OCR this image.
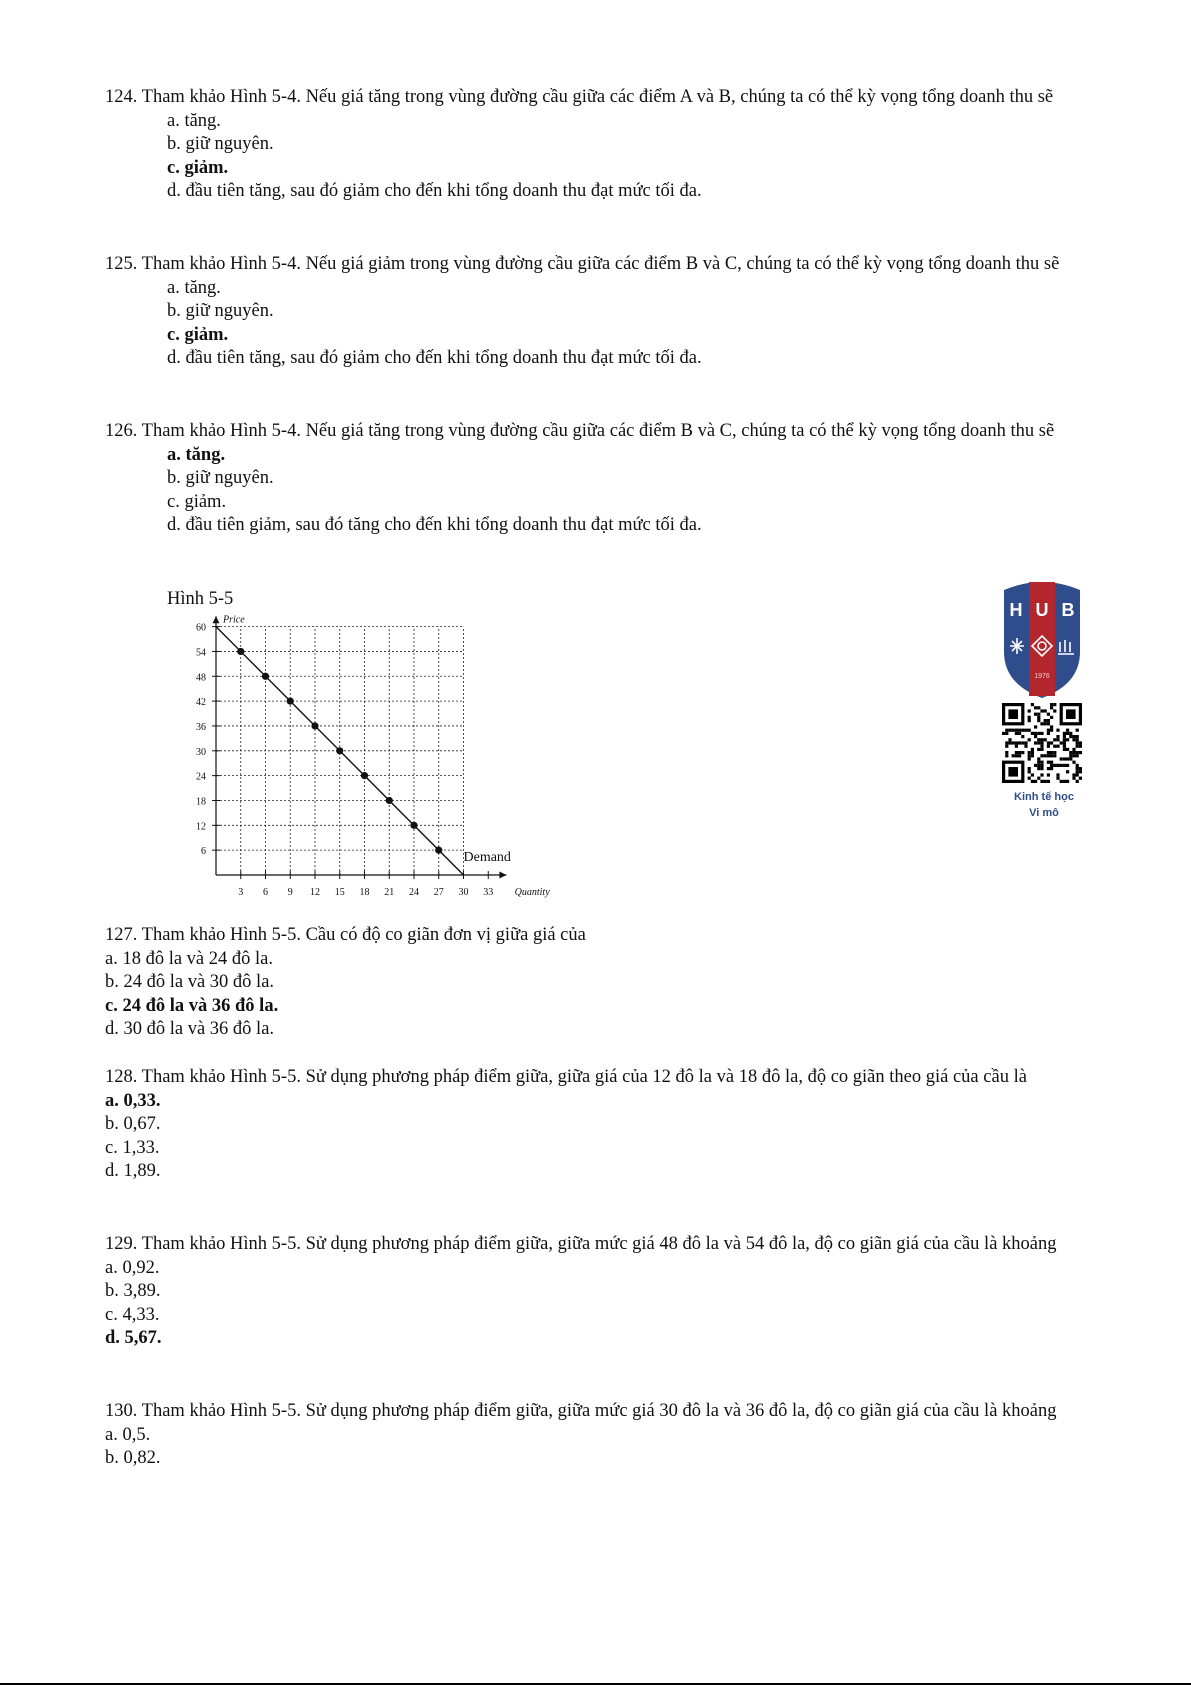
124. Tham khảo Hình 5-4. Nếu giá tăng trong vùng đường cầu giữa các điểm A và B, chúng ta có thể kỳ vọng tổng doanh thu sẽ
a. tăng.
b. giữ nguyên.
c. giảm.
d. đầu tiên tăng, sau đó giảm cho đến khi tổng doanh thu đạt mức tối đa.
125. Tham khảo Hình 5-4. Nếu giá giảm trong vùng đường cầu giữa các điểm B và C, chúng ta có thể kỳ vọng tổng doanh thu sẽ
a. tăng.
b. giữ nguyên.
c. giảm.
d. đầu tiên tăng, sau đó giảm cho đến khi tổng doanh thu đạt mức tối đa.
126. Tham khảo Hình 5-4. Nếu giá tăng trong vùng đường cầu giữa các điểm B và C, chúng ta có thể kỳ vọng tổng doanh thu sẽ
a. tăng.
b. giữ nguyên.
c. giảm.
d. đầu tiên giảm, sau đó tăng cho đến khi tổng doanh thu đạt mức tối đa.
127. Tham khảo Hình 5-5. Cầu có độ co giãn đơn vị giữa giá của
a. 18 đô la và 24 đô la.
b. 24 đô la và 30 đô la.
c. 24 đô la và 36 đô la.
d. 30 đô la và 36 đô la.
128. Tham khảo Hình 5-5. Sử dụng phương pháp điểm giữa, giữa giá của 12 đô la và 18 đô la, độ co giãn theo giá của cầu là
a. 0,33.
b. 0,67.
c. 1,33.
d. 1,89.
129. Tham khảo Hình 5-5. Sử dụng phương pháp điểm giữa, giữa mức giá 48 đô la và 54 đô la, độ co giãn giá của cầu là khoảng
a. 0,92.
b. 3,89.
c. 4,33.
d. 5,67.
130. Tham khảo Hình 5-5. Sử dụng phương pháp điểm giữa, giữa mức giá 30 đô la và 36 đô la, độ co giãn giá của cầu là khoảng
a. 0,5.
b. 0,82.
Hình 5-5
3 6 9 12 15 18 21 24 27 30 33
6
12
18
24
30
36
42
48
54
60
Quantity
Price
Demand
H U B
1976
Kinh tế học
Vi mô
